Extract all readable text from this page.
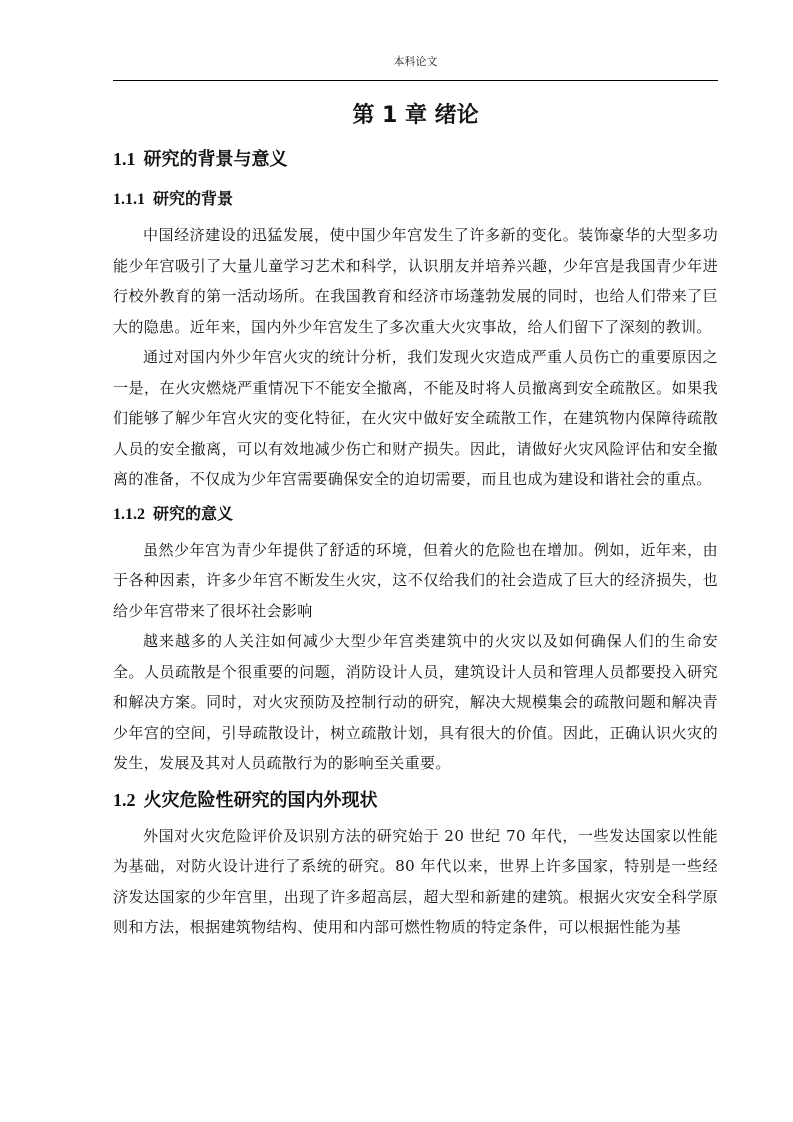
本科论文
第 1 章 绪论
1.1 研究的背景与意义
1.1.1 研究的背景

中国经济建设的迅猛发展，使中国少年宫发生了许多新的变化。装饰豪华的大型多功能少年宫吸引了大量儿童学习艺术和科学，认识朋友并培养兴趣，少年宫是我国青少年进行校外教育的第一活动场所。在我国教育和经济市场蓬勃发展的同时，也给人们带来了巨大的隐患。近年来，国内外少年宫发生了多次重大火灾事故，给人们留下了深刻的教训。

通过对国内外少年宫火灾的统计分析，我们发现火灾造成严重人员伤亡的重要原因之一是，在火灾燃烧严重情况下不能安全撤离，不能及时将人员撤离到安全疏散区。如果我们能够了解少年宫火灾的变化特征，在火灾中做好安全疏散工作，在建筑物内保障待疏散人员的安全撤离，可以有效地减少伤亡和财产损失。因此，请做好火灾风险评估和安全撤离的准备，不仅成为少年宫需要确保安全的迫切需要，而且也成为建设和谐社会的重点。

1.1.2 研究的意义

虽然少年宫为青少年提供了舒适的环境，但着火的危险也在增加。例如，近年来，由于各种因素，许多少年宫不断发生火灾，这不仅给我们的社会造成了巨大的经济损失，也给少年宫带来了很坏社会影响

越来越多的人关注如何减少大型少年宫类建筑中的火灾以及如何确保人们的生命安全。人员疏散是个很重要的问题，消防设计人员，建筑设计人员和管理人员都要投入研究和解决方案。同时，对火灾预防及控制行动的研究，解决大规模集会的疏散问题和解决青少年宫的空间，引导疏散设计，树立疏散计划，具有很大的价值。因此，正确认识火灾的发生，发展及其对人员疏散行为的影响至关重要。

1.2 火灾危险性研究的国内外现状

外国对火灾危险评价及识别方法的研究始于 20 世纪 70 年代，一些发达国家以性能为基础，对防火设计进行了系统的研究。80 年代以来，世界上许多国家，特别是一些经济发达国家的少年宫里，出现了许多超高层，超大型和新建的建筑。根据火灾安全科学原则和方法，根据建筑物结构、使用和内部可燃性物质的特定条件，可以根据性能为基
